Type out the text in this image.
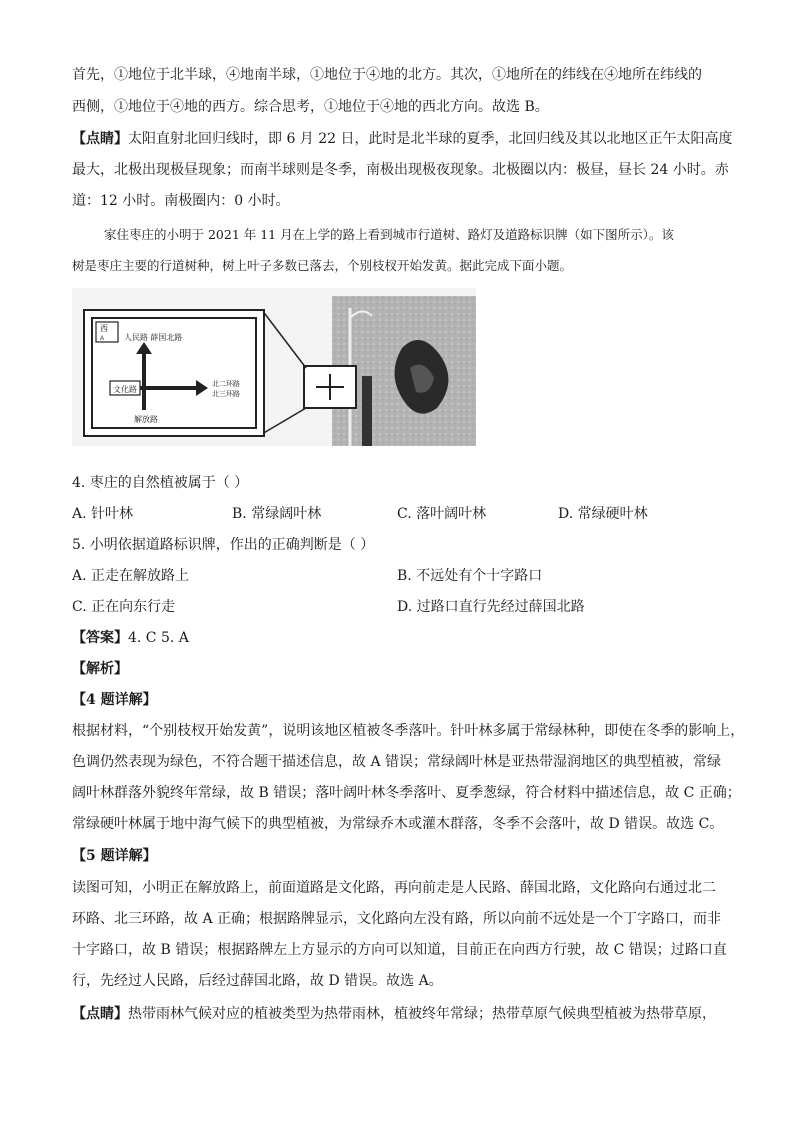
首先，①地位于北半球，④地南半球，①地位于④地的北方。其次，①地所在的纬线在④地所在纬线的
西侧，①地位于④地的西方。综合思考，①地位于④地的西北方向。故选 B。
【点睛】太阳直射北回归线时，即 6 月 22 日，此时是北半球的夏季，北回归线及其以北地区正午太阳高度
最大，北极出现极昼现象；而南半球则是冬季，南极出现极夜现象。北极圈以内：极昼，昼长 24 小时。赤
道：12 小时。南极圈内：0 小时。
家住枣庄的小明于 2021 年 11 月在上学的路上看到城市行道树、路灯及道路标识牌（如下图所示）。该
树是枣庄主要的行道树种，树上叶子多数已落去，个别枝杈开始发黄。据此完成下面小题。
西
A 人民路 薛国北路
文化路
北二环路
北三环路
解放路
4. 枣庄的自然植被属于（ ）
A. 针叶林	B. 常绿阔叶林	C. 落叶阔叶林	D. 常绿硬叶林
5. 小明依据道路标识牌，作出的正确判断是（ ）
A. 正走在解放路上	B. 不远处有个十字路口
C. 正在向东行走	D. 过路口直行先经过薛国北路
【答案】4. C 5. A
【解析】
【4 题详解】
根据材料，“个别枝杈开始发黄”，说明该地区植被冬季落叶。针叶林多属于常绿林种，即使在冬季的影响上，
色调仍然表现为绿色，不符合题干描述信息，故 A 错误；常绿阔叶林是亚热带湿润地区的典型植被，常绿
阔叶林群落外貌终年常绿，故 B 错误；落叶阔叶林冬季落叶、夏季葱绿，符合材料中描述信息，故 C 正确；
常绿硬叶林属于地中海气候下的典型植被，为常绿乔木或灌木群落，冬季不会落叶，故 D 错误。故选 C。
【5 题详解】
读图可知，小明正在解放路上，前面道路是文化路，再向前走是人民路、薛国北路，文化路向右通过北二
环路、北三环路，故 A 正确；根据路牌显示，文化路向左没有路，所以向前不远处是一个丁字路口，而非
十字路口，故 B 错误；根据路牌左上方显示的方向可以知道，目前正在向西方行驶，故 C 错误；过路口直
行，先经过人民路，后经过薛国北路，故 D 错误。故选 A。
【点睛】热带雨林气候对应的植被类型为热带雨林，植被终年常绿；热带草原气候典型植被为热带草原，
